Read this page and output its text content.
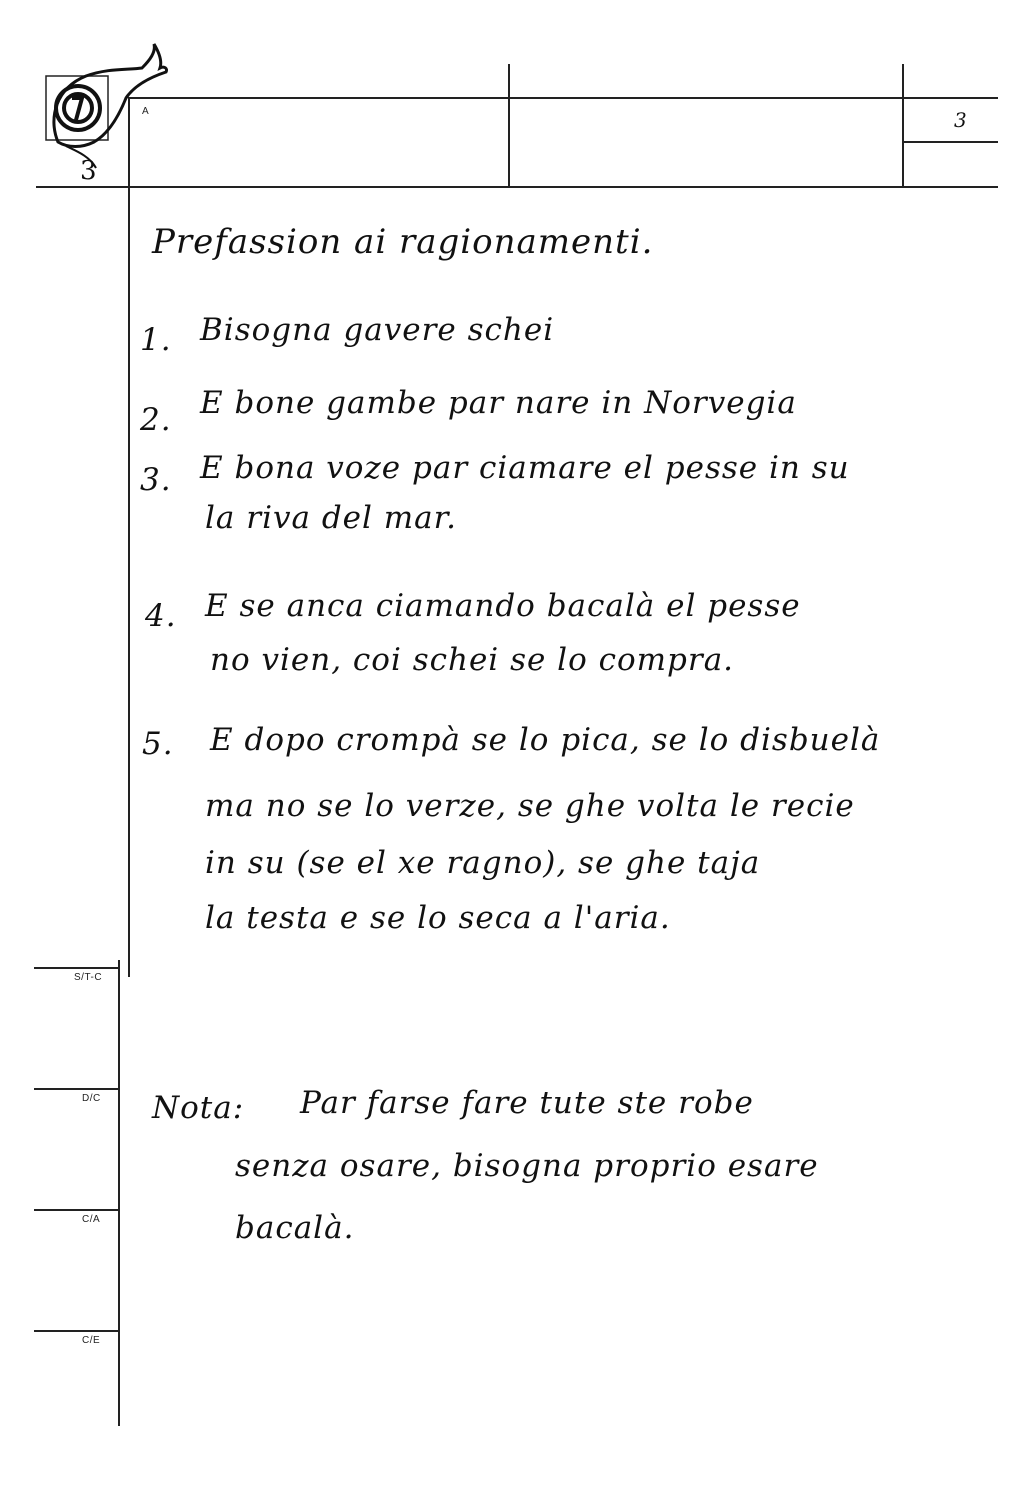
S/T-C
D/C
C/A
C/E
A	3
3
Prefassion ai ragionamenti.
1. Bisogna gavere schei
2. E bone gambe par nare in Norvegia
3. E bona voze par ciamare el pesse in su
la riva del mar.
4. E se anca ciamando bacalà el pesse
no vien, coi schei se lo compra.
5. E dopo crompà se lo pica, se lo disbuelà
ma no se lo verze, se ghe volta le recie
in su (se el xe ragno), se ghe taja
la testa e se lo seca a l'aria.
Nota: Par farse fare tute ste robe
senza osare, bisogna proprio esare
bacalà.
